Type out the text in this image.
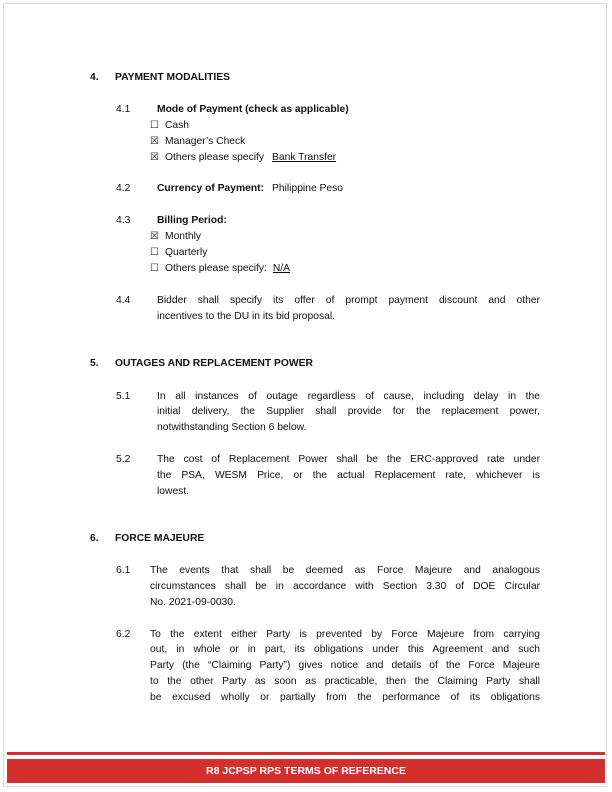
4. PAYMENT MODALITIES
4.1	Mode of Payment (check as applicable)
☐ Cash
☒ Manager’s Check
☒ Others please specify Bank Transfer
4.2	Currency of Payment: Philippine Peso
4.3	Billing Period:
☒ Monthly
☐ Quarterly
☐ Others please specify: N/A
4.4	Bidder shall specify its offer of prompt payment discount and other
incentives to the DU in its bid proposal.
5. OUTAGES AND REPLACEMENT POWER
5.1	In all instances of outage regardless of cause, including delay in the
initial delivery, the Supplier shall provide for the replacement power,
notwithstanding Section 6 below.
5.2	The cost of Replacement Power shall be the ERC-approved rate under
the PSA, WESM Price, or the actual Replacement rate, whichever is
lowest.
6. FORCE MAJEURE
6.1 The events that shall be deemed as Force Majeure and analogous
circumstances shall be in accordance with Section 3.30 of DOE Circular
No. 2021-09-0030.
6.2 To the extent either Party is prevented by Force Majeure from carrying
out, in whole or in part, its obligations under this Agreement and such
Party (the “Claiming Party”) gives notice and details of the Force Majeure
to the other Party as soon as practicable, then the Claiming Party shall
be excused wholly or partially from the performance of its obligations
R8 JCPSP RPS TERMS OF REFERENCE
